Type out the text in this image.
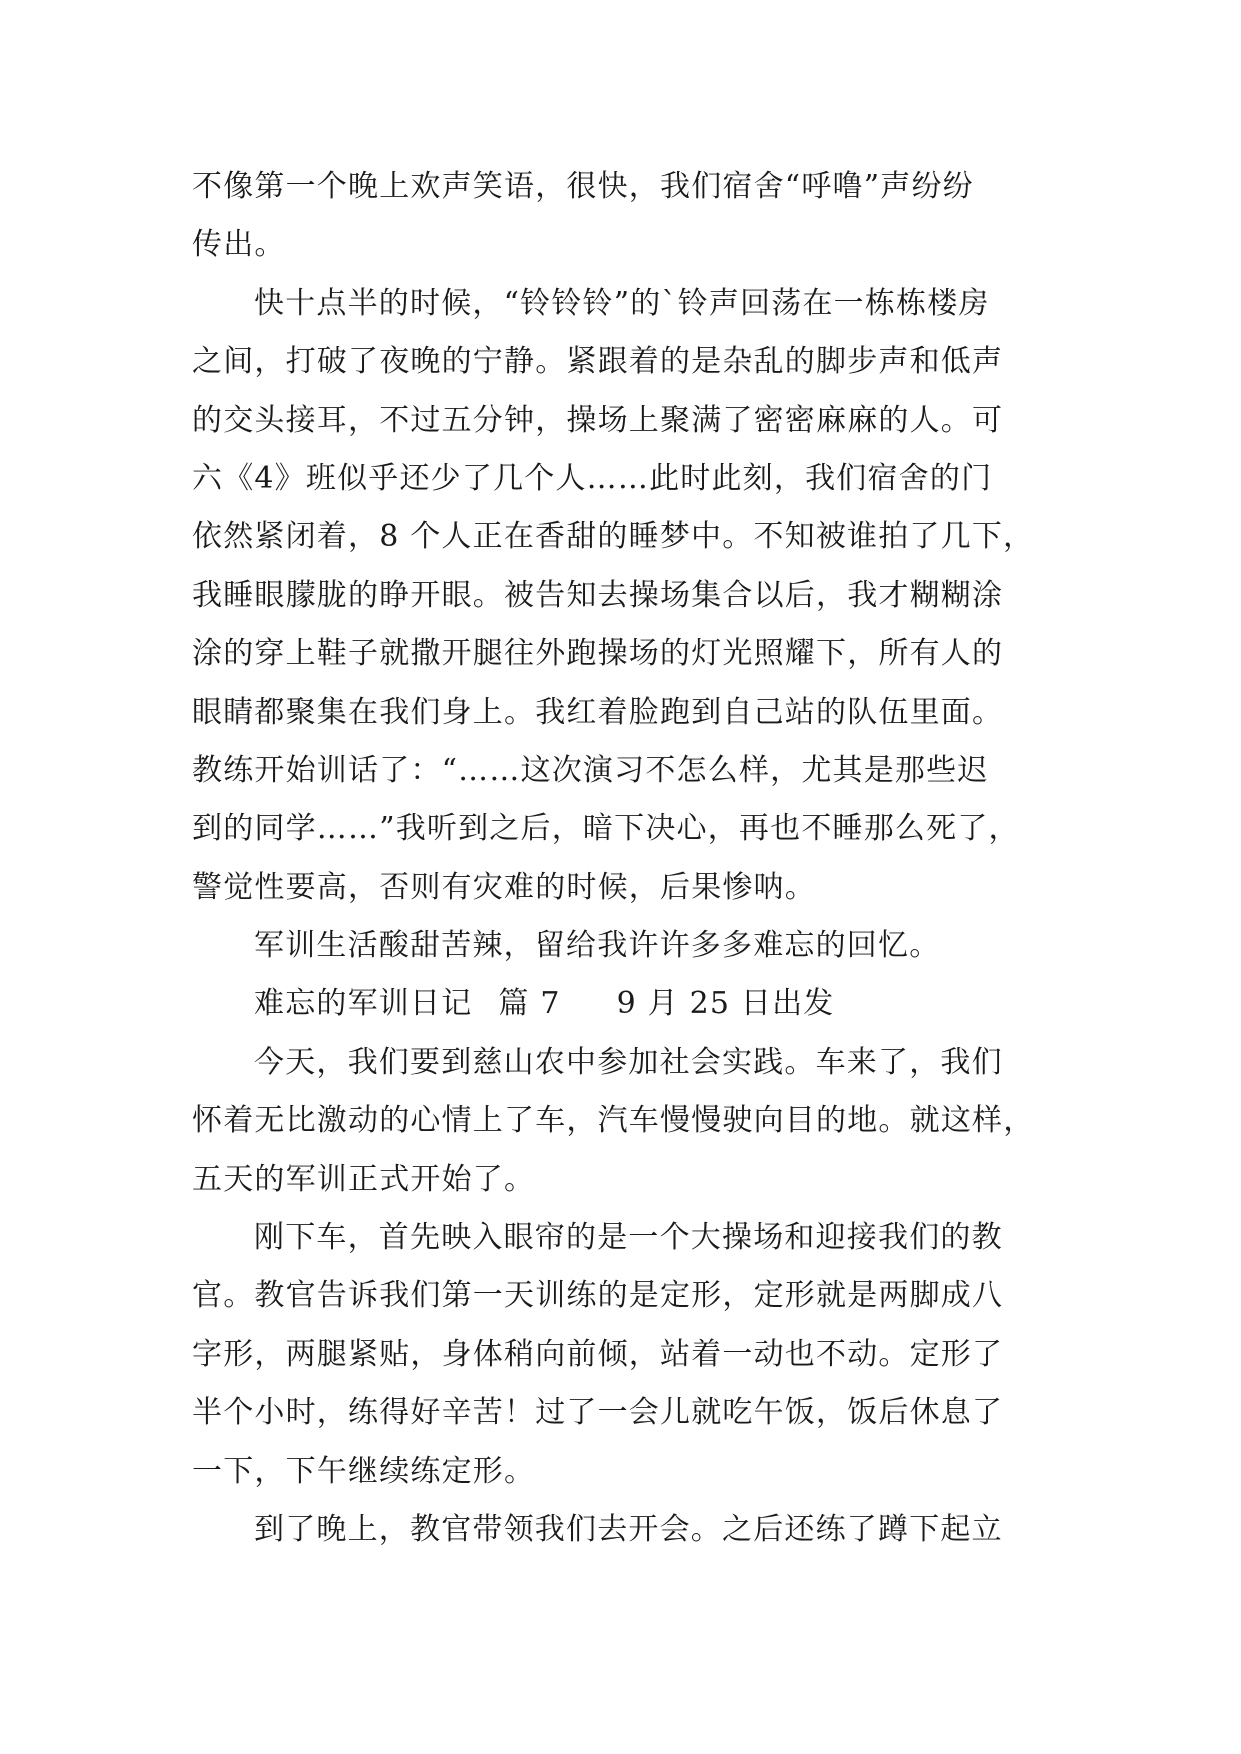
不像第一个晚上欢声笑语，很快，我们宿舍“呼噜”声纷纷
传出。
快十点半的时候，“铃铃铃”的`铃声回荡在一栋栋楼房
之间，打破了夜晚的宁静。紧跟着的是杂乱的脚步声和低声
的交头接耳，不过五分钟，操场上聚满了密密麻麻的人。可
六《4》班似乎还少了几个人……此时此刻，我们宿舍的门
依然紧闭着，8 个人正在香甜的睡梦中。不知被谁拍了几下，
我睡眼朦胧的睁开眼。被告知去操场集合以后，我才糊糊涂
涂的穿上鞋子就撒开腿往外跑操场的灯光照耀下，所有人的
眼睛都聚集在我们身上。我红着脸跑到自己站的队伍里面。
教练开始训话了：“……这次演习不怎么样，尤其是那些迟
到的同学……”我听到之后，暗下决心，再也不睡那么死了，
警觉性要高，否则有灾难的时候，后果惨呐。
军训生活酸甜苦辣，留给我许许多多难忘的回忆。
难忘的军训日记 篇 7 9 月 25 日出发
今天，我们要到慈山农中参加社会实践。车来了，我们
怀着无比激动的心情上了车，汽车慢慢驶向目的地。就这样，
五天的军训正式开始了。
刚下车，首先映入眼帘的是一个大操场和迎接我们的教
官。教官告诉我们第一天训练的是定形，定形就是两脚成八
字形，两腿紧贴，身体稍向前倾，站着一动也不动。定形了
半个小时，练得好辛苦！过了一会儿就吃午饭，饭后休息了
一下，下午继续练定形。
到了晚上，教官带领我们去开会。之后还练了蹲下起立
